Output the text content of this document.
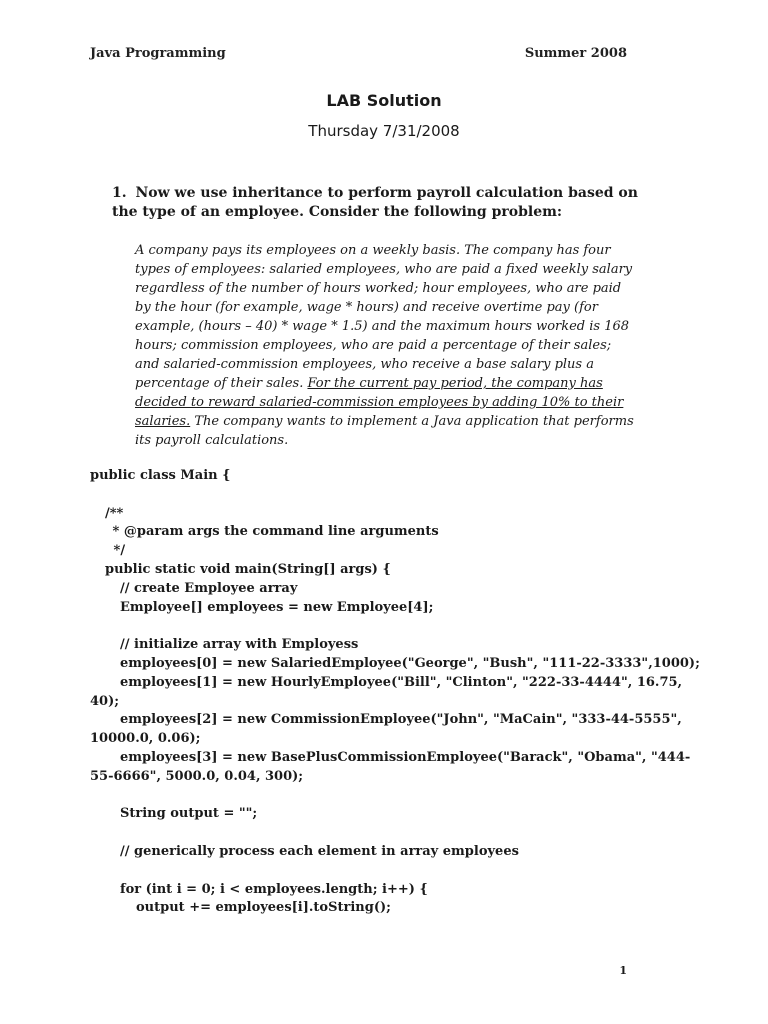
Java Programming	Summer 2008
LAB Solution
Thursday 7/31/2008

1. Now we use inheritance to perform payroll calculation based on the type of an employee. Consider the following problem:

A company pays its employees on a weekly basis. The company has four types of employees: salaried employees, who are paid a fixed weekly salary regardless of the number of hours worked; hour employees, who are paid by the hour (for example, wage * hours) and receive overtime pay (for example, (hours – 40) * wage * 1.5) and the maximum hours worked is 168 hours; commission employees, who are paid a percentage of their sales; and salaried-commission employees, who receive a base salary plus a percentage of their sales. For the current pay period, the company has decided to reward salaried-commission employees by adding 10% to their salaries. The company wants to implement a Java application that performs its payroll calculations.

public class Main {
/**
* @param args the command line arguments
*/
public static void main(String[] args) {
// create Employee array
Employee[] employees = new Employee[4];
// initialize array with Employess
employees[0] = new SalariedEmployee("George", "Bush", "111-22-3333",1000);
employees[1] = new HourlyEmployee("Bill", "Clinton", "222-33-4444", 16.75,
40);
employees[2] = new CommissionEmployee("John", "MaCain", "333-44-5555",
10000.0, 0.06);
employees[3] = new BasePlusCommissionEmployee("Barack", "Obama", "444-
55-6666", 5000.0, 0.04, 300);
String output = "";
// generically process each element in array employees
for (int i = 0; i < employees.length; i++) {
output += employees[i].toString();
1
